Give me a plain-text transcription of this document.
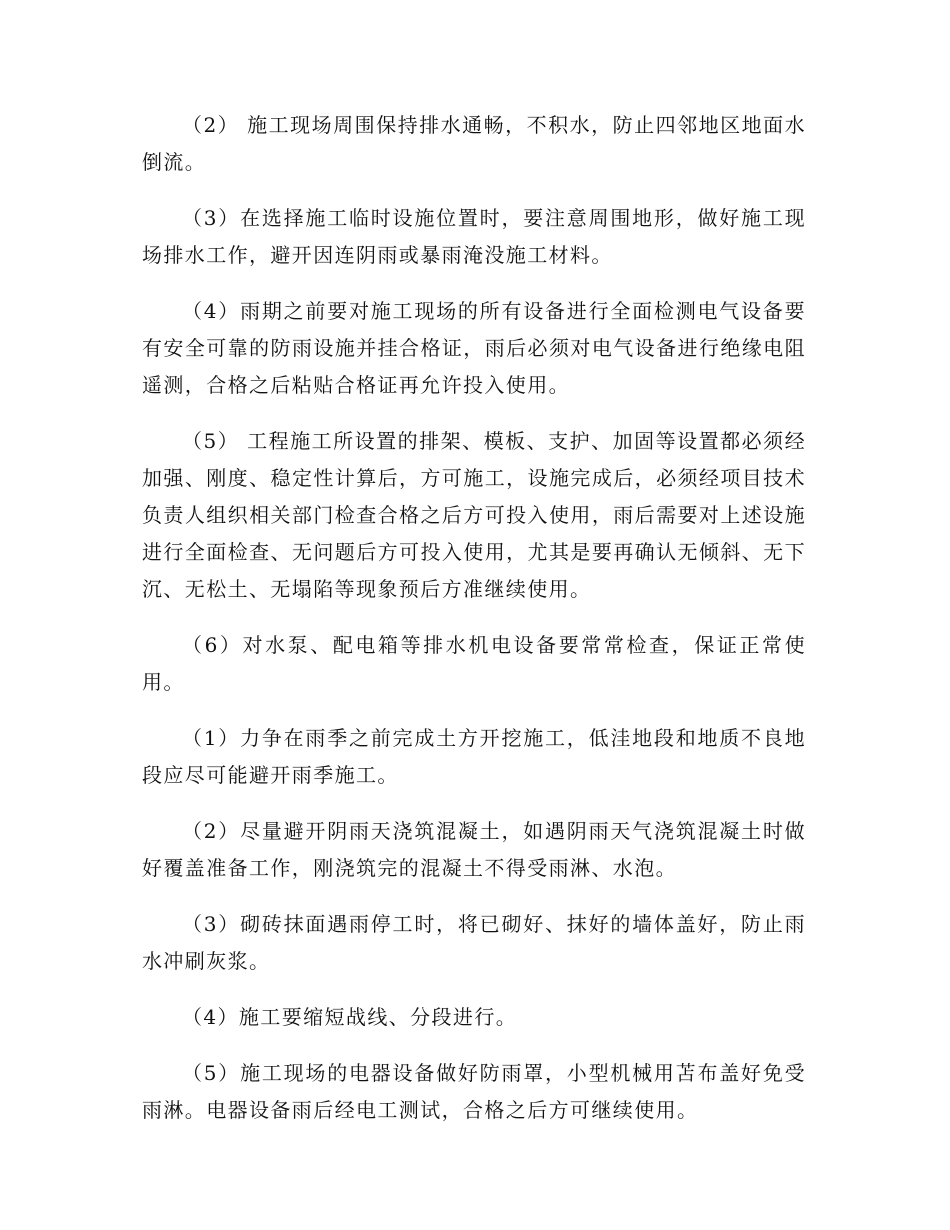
（2） 施工现场周围保持排水通畅，不积水，防止四邻地区地面水倒流。

（3）在选择施工临时设施位置时，要注意周围地形，做好施工现场排水工作，避开因连阴雨或暴雨淹没施工材料。

（4）雨期之前要对施工现场的所有设备进行全面检测电气设备要有安全可靠的防雨设施并挂合格证，雨后必须对电气设备进行绝缘电阻遥测，合格之后粘贴合格证再允许投入使用。

（5） 工程施工所设置的排架、模板、支护、加固等设置都必须经加强、刚度、稳定性计算后，方可施工，设施完成后，必须经项目技术负责人组织相关部门检查合格之后方可投入使用，雨后需要对上述设施进行全面检查、无问题后方可投入使用，尤其是要再确认无倾斜、无下沉、无松土、无塌陷等现象预后方准继续使用。

（6）对水泵、配电箱等排水机电设备要常常检查，保证正常使用。

（1）力争在雨季之前完成土方开挖施工，低洼地段和地质不良地段应尽可能避开雨季施工。

（2）尽量避开阴雨天浇筑混凝土，如遇阴雨天气浇筑混凝土时做好覆盖准备工作，刚浇筑完的混凝土不得受雨淋、水泡。

（3）砌砖抹面遇雨停工时，将已砌好、抹好的墙体盖好，防止雨水冲刷灰浆。

（4）施工要缩短战线、分段进行。

（5）施工现场的电器设备做好防雨罩，小型机械用苫布盖好免受雨淋。电器设备雨后经电工测试，合格之后方可继续使用。
